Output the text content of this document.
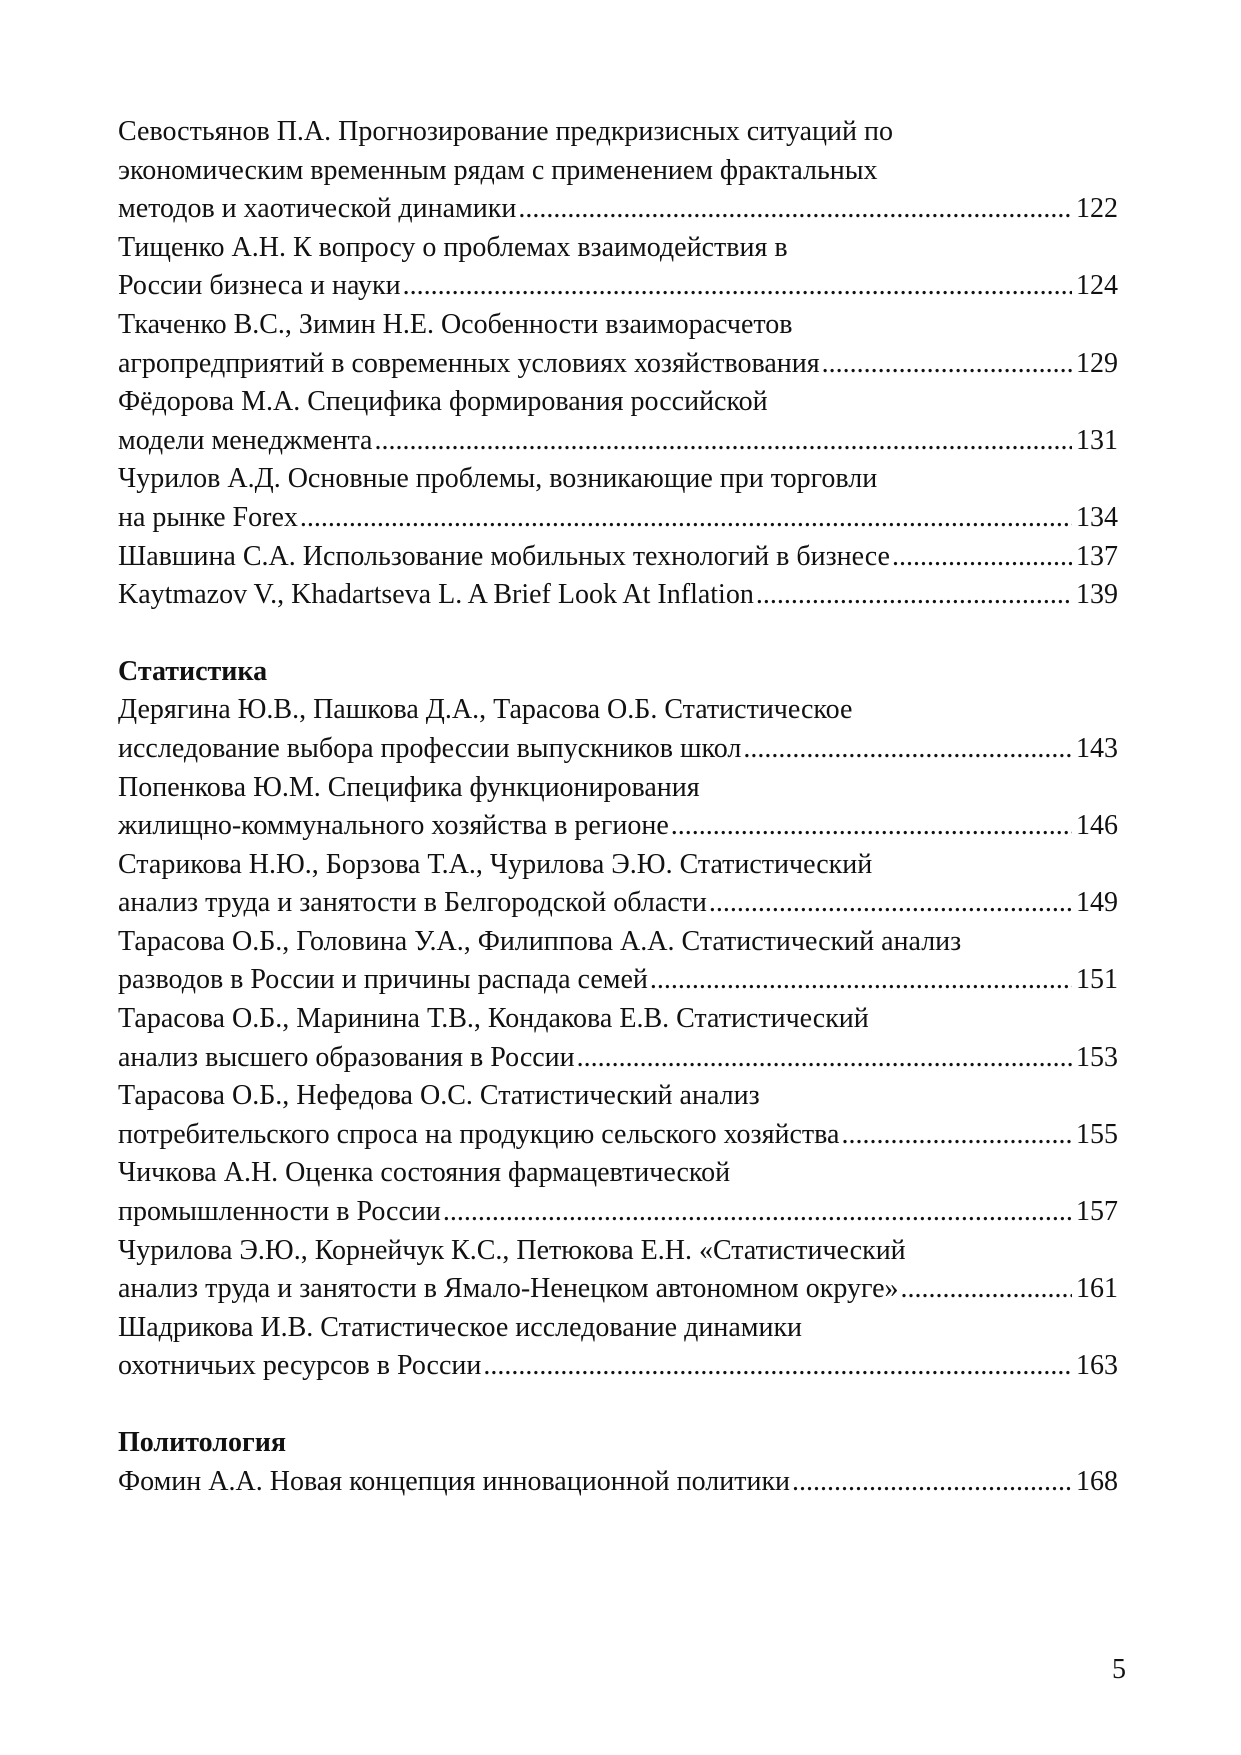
Севостьянов П.А. Прогнозирование предкризисных ситуаций по
экономическим временным рядам с применением фрактальных
методов и хаотической динамики .....	122
Тищенко А.Н. К вопросу о проблемах взаимодействия в
России бизнеса и науки .....	124
Ткаченко В.С., Зимин Н.Е. Особенности взаиморасчетов
агропредприятий в современных условиях хозяйствования .....	129
Фёдорова М.А. Специфика формирования российской
модели менеджмента .....	131
Чурилов А.Д. Основные проблемы, возникающие при торговли
на рынке Forex .....	134
Шавшина С.А. Использование мобильных технологий в бизнесе .....	137
Kaytmazov V., Khadartseva L. A Brief Look At Inflation .....	139
Статистика
Дерягина Ю.В., Пашкова Д.А., Тарасова О.Б. Статистическое
исследование выбора профессии выпускников школ .....	143
Попенкова Ю.М. Специфика функционирования
жилищно-коммунального хозяйства в регионе .....	146
Старикова Н.Ю., Борзова Т.А., Чурилова Э.Ю. Статистический
анализ труда и занятости в Белгородской области .....	149
Тарасова О.Б., Головина У.А., Филиппова А.А. Статистический анализ
разводов в России и причины распада семей .....	151
Тарасова О.Б., Маринина Т.В., Кондакова Е.В. Статистический
анализ высшего образования в России .....	153
Тарасова О.Б., Нефедова О.С. Статистический анализ
потребительского спроса на продукцию сельского хозяйства .....	155
Чичкова А.Н. Оценка состояния фармацевтической
промышленности в России .....	157
Чурилова Э.Ю., Корнейчук К.С., Петюкова Е.Н. «Статистический
анализ труда и занятости в Ямало-Ненецком автономном округе» .....	161
Шадрикова И.В. Статистическое исследование динамики
охотничьих ресурсов в России .....	163
Политология
Фомин А.А. Новая концепция инновационной политики .....	168
5
